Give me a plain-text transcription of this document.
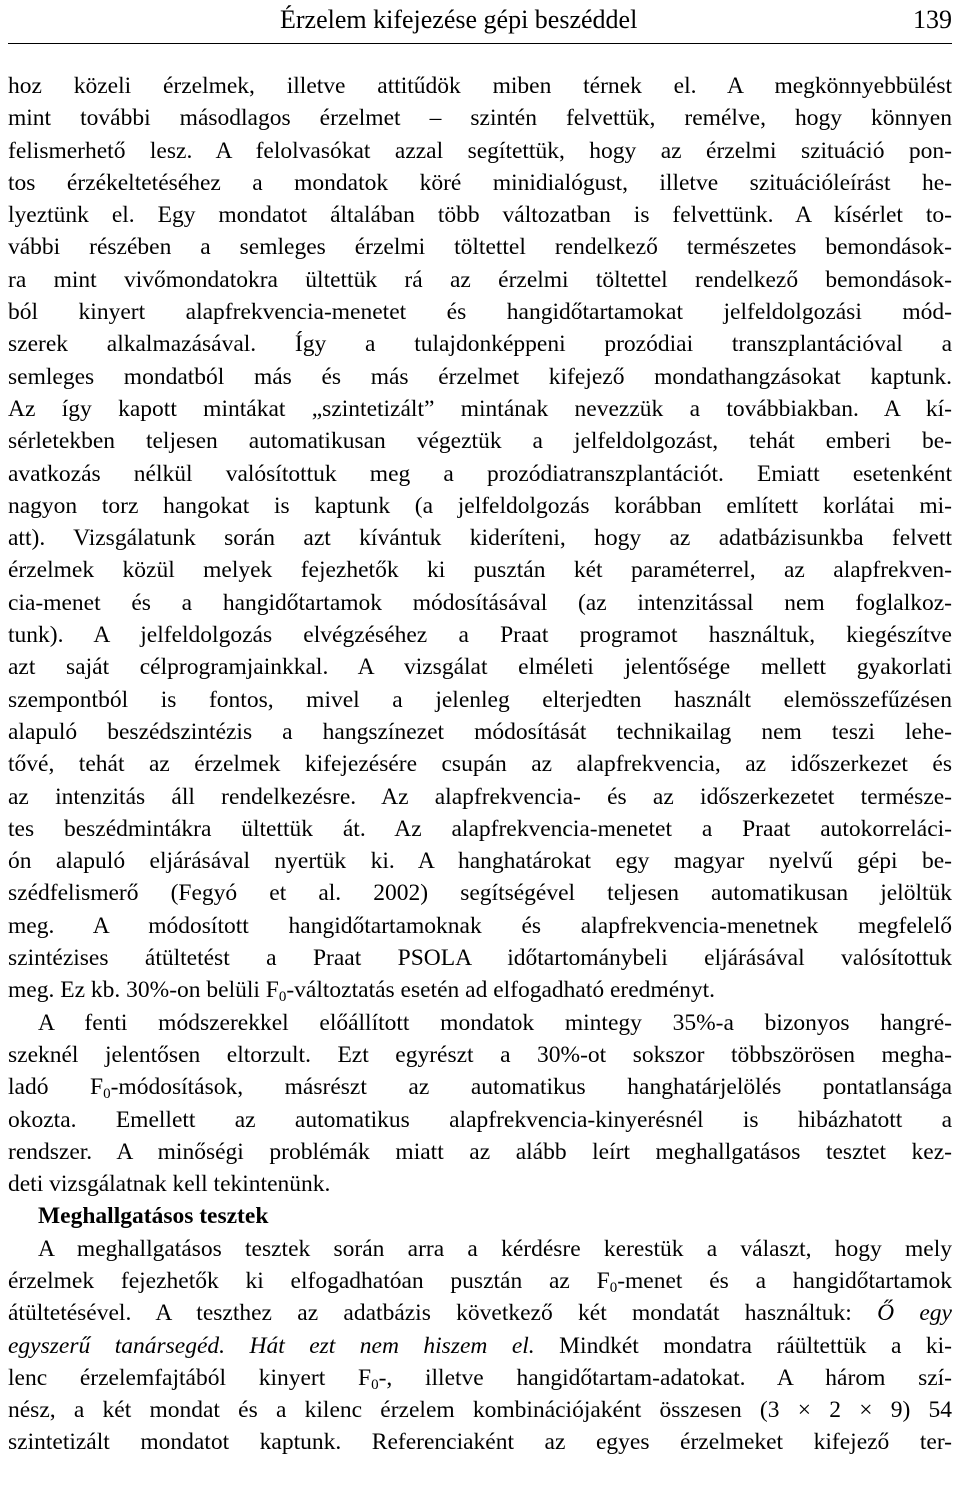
Érzelem kifejezése gépi beszéddel	139
hoz közeli érzelmek, illetve attitűdök miben térnek el. A megkönnyebbülést
mint további másodlagos érzelmet – szintén felvettük, remélve, hogy könnyen
felismerhető lesz. A felolvasókat azzal segítettük, hogy az érzelmi szituáció pon-
tos érzékeltetéséhez a mondatok köré minidialógust, illetve szituációleírást he-
lyeztünk el. Egy mondatot általában több változatban is felvettünk. A kísérlet to-
vábbi részében a semleges érzelmi töltettel rendelkező természetes bemondások-
ra mint vivőmondatokra ültettük rá az érzelmi töltettel rendelkező bemondások-
ból kinyert alapfrekvencia-menetet és hangidőtartamokat jelfeldolgozási mód-
szerek alkalmazásával. Így a tulajdonképpeni prozódiai transzplantációval a
semleges mondatból más és más érzelmet kifejező mondathangzásokat kaptunk.
Az így kapott mintákat „szintetizált” mintának nevezzük a továbbiakban. A kí-
sérletekben teljesen automatikusan végeztük a jelfeldolgozást, tehát emberi be-
avatkozás nélkül valósítottuk meg a prozódiatranszplantációt. Emiatt esetenként
nagyon torz hangokat is kaptunk (a jelfeldolgozás korábban említett korlátai mi-
att). Vizsgálatunk során azt kívántuk kideríteni, hogy az adatbázisunkba felvett
érzelmek közül melyek fejezhetők ki pusztán két paraméterrel, az alapfrekven-
cia-menet és a hangidőtartamok módosításával (az intenzitással nem foglalkoz-
tunk). A jelfeldolgozás elvégzéséhez a Praat programot használtuk, kiegészítve
azt saját célprogramjainkkal. A vizsgálat elméleti jelentősége mellett gyakorlati
szempontból is fontos, mivel a jelenleg elterjedten használt elemösszefűzésen
alapuló beszédszintézis a hangszínezet módosítását technikailag nem teszi lehe-
tővé, tehát az érzelmek kifejezésére csupán az alapfrekvencia, az időszerkezet és
az intenzitás áll rendelkezésre. Az alapfrekvencia- és az időszerkezetet természe-
tes beszédmintákra ültettük át. Az alapfrekvencia-menetet a Praat autokorreláci-
ón alapuló eljárásával nyertük ki. A hanghatárokat egy magyar nyelvű gépi be-
szédfelismerő (Fegyó et al. 2002) segítségével teljesen automatikusan jelöltük
meg. A módosított hangidőtartamoknak és alapfrekvencia-menetnek megfelelő
szintézises átültetést a Praat PSOLA időtartománybeli eljárásával valósítottuk
meg. Ez kb. 30%-on belüli $F_0$-változtatás esetén ad elfogadható eredményt.
A fenti módszerekkel előállított mondatok mintegy 35%-a bizonyos hangré-
szeknél jelentősen eltorzult. Ezt egyrészt a 30%-ot sokszor többszörösen megha-
ladó $F_0$-módosítások, másrészt az automatikus hanghatárjelölés pontatlansága
okozta. Emellett az automatikus alapfrekvencia-kinyerésnél is hibázhatott a
rendszer. A minőségi problémák miatt az alább leírt meghallgatásos tesztet kez-
deti vizsgálatnak kell tekintenünk.
Meghallgatásos tesztek
A meghallgatásos tesztek során arra a kérdésre kerestük a választ, hogy mely
érzelmek fejezhetők ki elfogadhatóan pusztán az $F_0$-menet és a hangidőtartamok
átültetésével. A teszthez az adatbázis következő két mondatát használtuk: Ő egy
egyszerű tanársegéd. Hát ezt nem hiszem el. Mindkét mondatra ráültettük a ki-
lenc érzelemfajtából kinyert $F_0-$, illetve hangidőtartam-adatokat. A három szí-
nész, a két mondat és a kilenc érzelem kombinációjaként összesen (3 × 2 × 9) 54
szintetizált mondatot kaptunk. Referenciaként az egyes érzelmeket kifejező ter-
